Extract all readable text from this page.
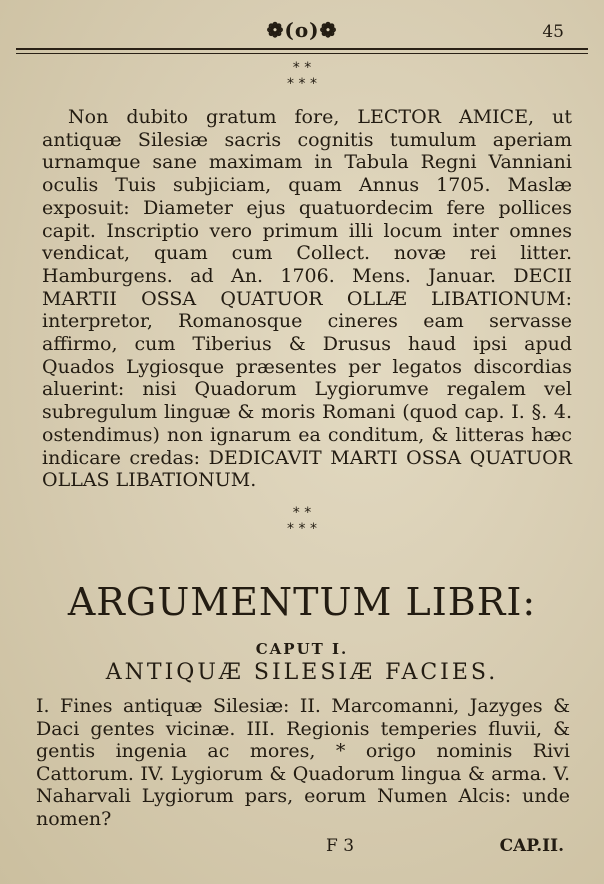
❁(o)❁	45
* *
* * *

Non dubito gratum fore, LECTOR AMICE, ut antiquæ Silesiæ sacris cognitis tumulum aperiam urnamque sane maximam in Tabula Regni Vanniani oculis Tuis subjiciam, quam Annus 1705. Maslæ exposuit: Diameter ejus quatuordecim fere pollices capit. Inscriptio vero primum illi locum inter omnes vendicat, quam cum Collect. novæ rei litter. Hamburgens. ad An. 1706. Mens. Januar. DECII MARTII OSSA QUATUOR OLLÆ LIBATIONUM: interpretor, Romanosque cineres eam servasse affirmo, cum Tiberius & Drusus haud ipsi apud Quados Lygiosque præsentes per legatos discordias aluerint: nisi Quadorum Lygiorumve regalem vel subregulum linguæ & moris Romani (quod cap. I. §. 4. ostendimus) non ignarum ea conditum, & litteras hæc indicare credas: DEDICAVIT MARTI OSSA QUATUOR OLLAS LIBATIONUM.

* *
* * *
ARGUMENTUM LIBRI:
CAPUT I.
ANTIQUÆ SILESIÆ FACIES.

I. Fines antiquæ Silesiæ: II. Marcomanni, Jazyges & Daci gentes vicinæ. III. Regionis temperies fluvii, & gentis ingenia ac mores, * origo nominis Rivi Cattorum. IV. Lygiorum & Quadorum lingua & arma. V. Naharvali Lygiorum pars, eorum Numen Alcis: unde nomen?

F 3	CAP.II.
